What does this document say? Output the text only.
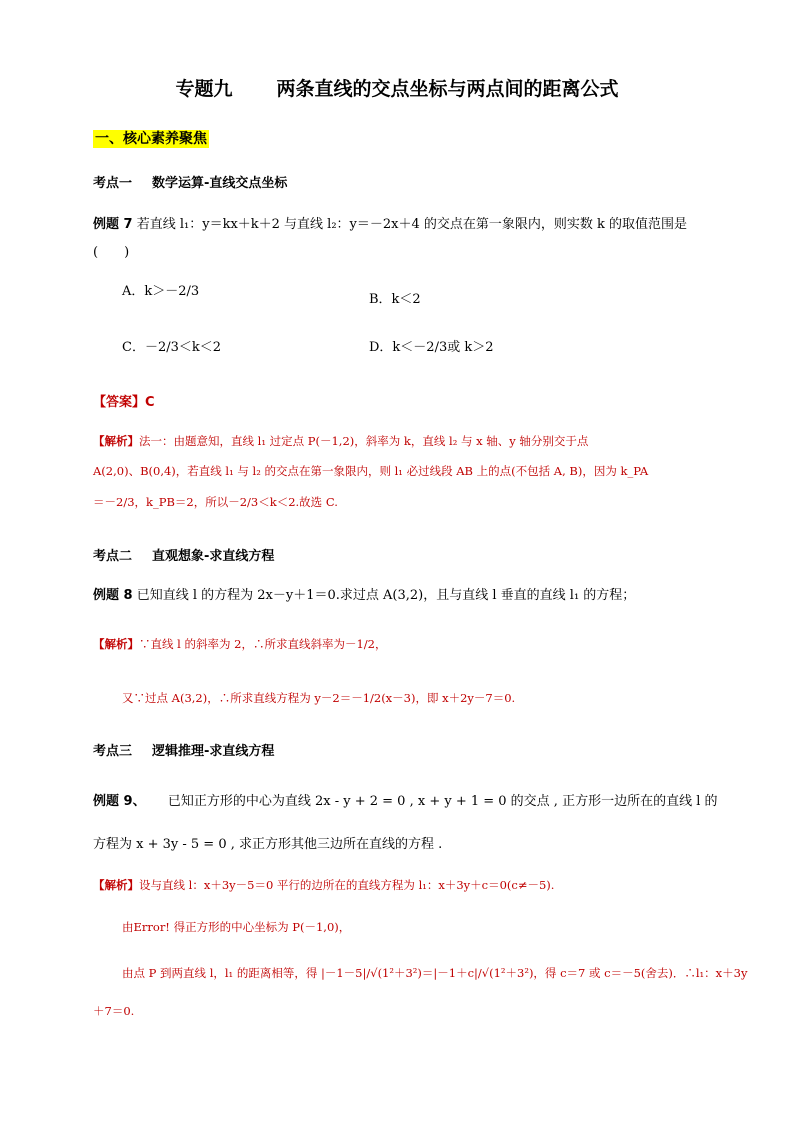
专题九 两条直线的交点坐标与两点间的距离公式
一、核心素养聚焦
考点一 数学运算-直线交点坐标
例题 7 若直线 l₁：y＝kx＋k＋2 与直线 l₂：y＝－2x＋4 的交点在第一象限内，则实数 k 的取值范围是
(　　)
A．k＞－2/3
B．k＜2
C．－2/3＜k＜2	D．k＜－2/3或 k＞2
【答案】C
【解析】法一：由题意知，直线 l₁ 过定点 P(－1,2)，斜率为 k，直线 l₂ 与 x 轴、y 轴分别交于点
A(2,0)、B(0,4)，若直线 l₁ 与 l₂ 的交点在第一象限内，则 l₁ 必过线段 AB 上的点(不包括 A, B)，因为 k_PA
＝－2/3，k_PB＝2，所以－2/3＜k＜2.故选 C.
考点二 直观想象-求直线方程
例题 8 已知直线 l 的方程为 2x－y＋1＝0.求过点 A(3,2)，且与直线 l 垂直的直线 l₁ 的方程；
【解析】∵直线 l 的斜率为 2，∴所求直线斜率为－1/2，
又∵过点 A(3,2)，∴所求直线方程为 y－2＝－1/2(x－3)，即 x＋2y－7＝0.
考点三 逻辑推理-求直线方程
例题 9、 已知正方形的中心为直线 2x - y + 2 = 0 , x + y + 1 = 0 的交点 , 正方形一边所在的直线 l 的
方程为 x + 3y - 5 = 0 , 求正方形其他三边所在直线的方程 .
【解析】设与直线 l：x＋3y－5＝0 平行的边所在的直线方程为 l₁：x＋3y＋c＝0(c≠－5).
由Error! 得正方形的中心坐标为 P(－1,0)，
由点 P 到两直线 l，l₁ 的距离相等，得 |－1－5|/√(1²＋3²)＝|－1＋c|/√(1²＋3²)，得 c＝7 或 c＝－5(舍去)．∴l₁：x＋3y
＋7＝0.
